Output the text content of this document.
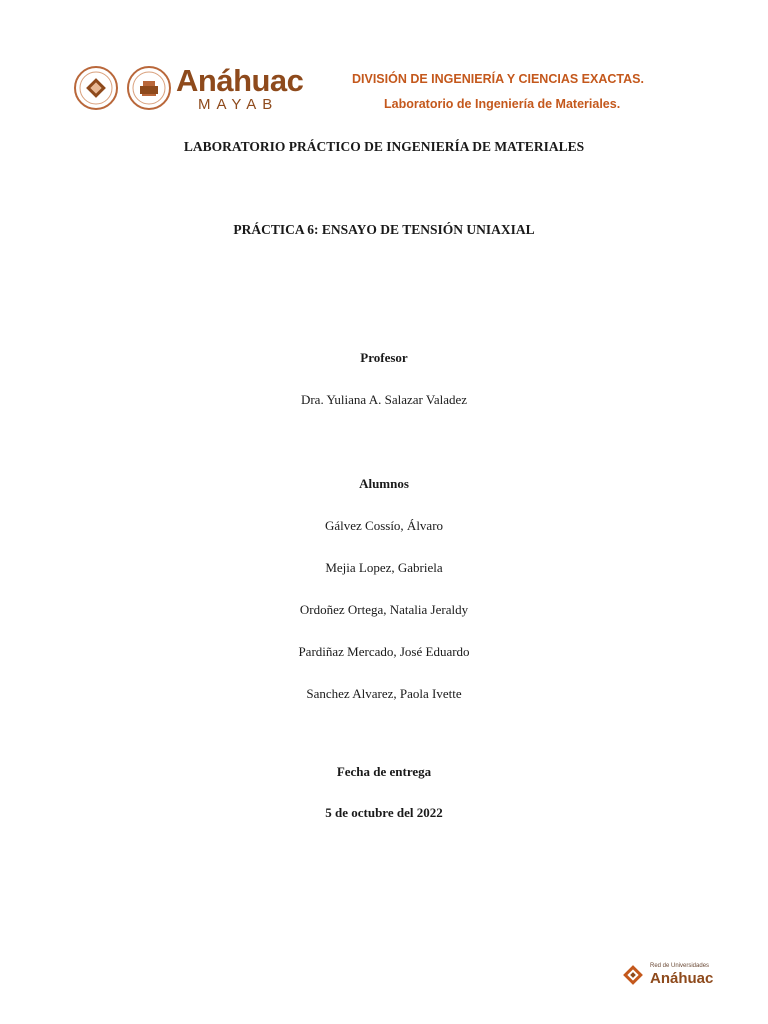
Anáhuac
MAYAB
DIVISIÓN DE INGENIERÍA Y CIENCIAS EXACTAS.
Laboratorio de Ingeniería de Materiales.
LABORATORIO PRÁCTICO DE INGENIERÍA DE MATERIALES
PRÁCTICA 6: ENSAYO DE TENSIÓN UNIAXIAL
Profesor
Dra. Yuliana A. Salazar Valadez
Alumnos
Gálvez Cossío, Álvaro
Mejia Lopez, Gabriela
Ordoñez Ortega, Natalia Jeraldy
Pardiñaz Mercado, José Eduardo
Sanchez Alvarez, Paola Ivette
Fecha de entrega
5 de octubre del 2022
Red de Universidades
Anáhuac
